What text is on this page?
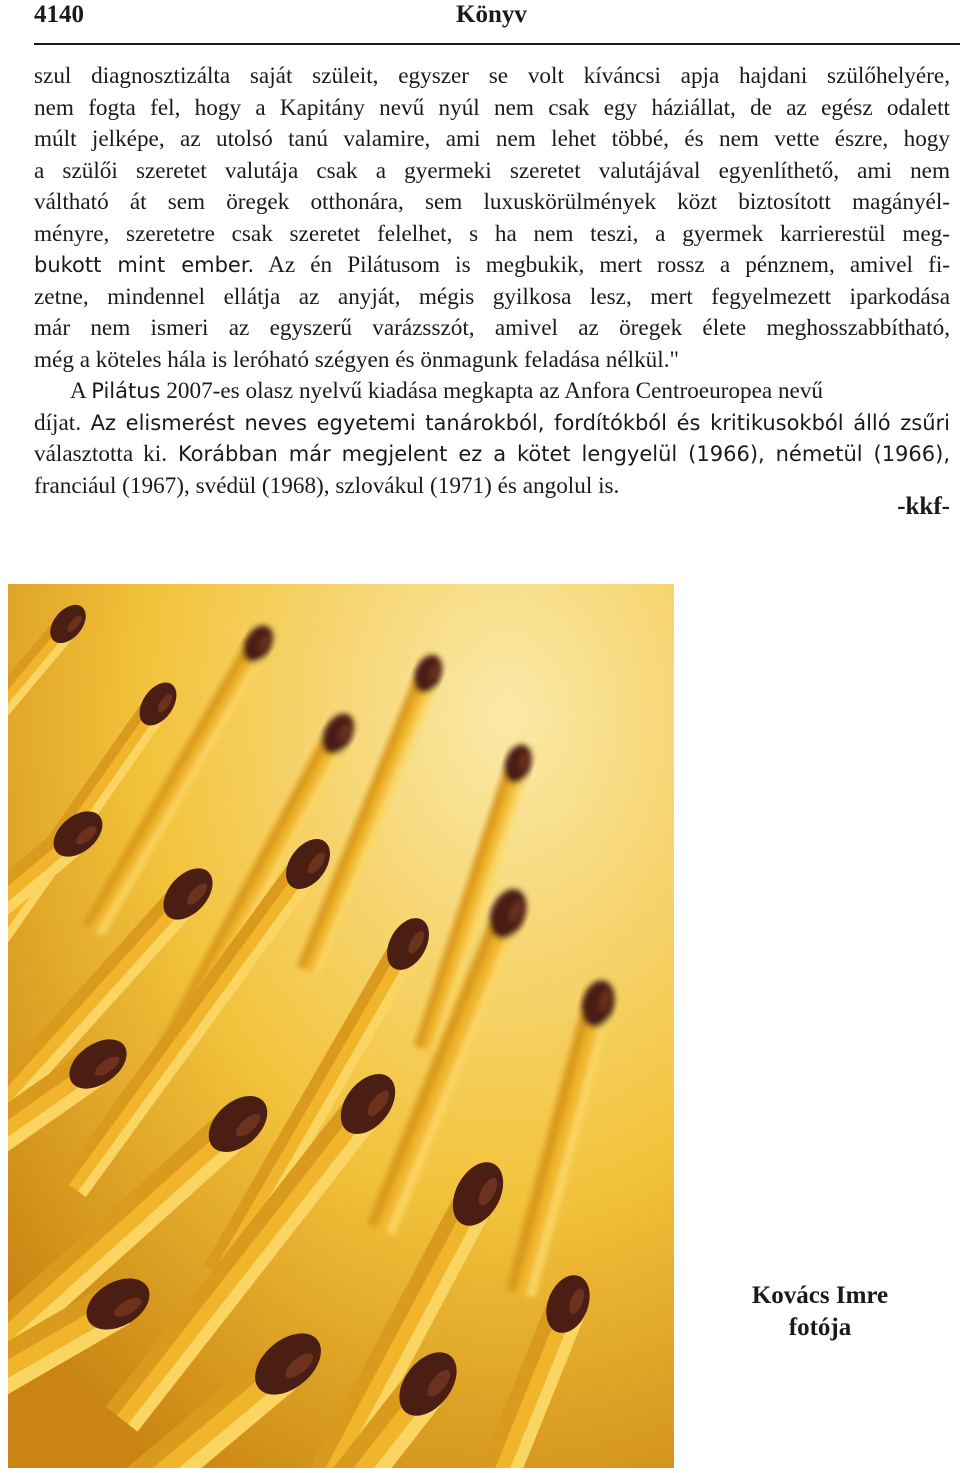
4140	Könyv
szul diagnosztizálta saját szüleit, egyszer se volt kíváncsi apja hajdani szülőhelyére,
nem fogta fel, hogy a Kapitány nevű nyúl nem csak egy háziállat, de az egész odalett
múlt jelképe, az utolsó tanú valamire, ami nem lehet többé, és nem vette észre, hogy
a szülői szeretet valutája csak a gyermeki szeretet valutájával egyenlíthető, ami nem
váltható át sem öregek otthonára, sem luxuskörülmények közt biztosított magányél-
ményre, szeretetre csak szeretet felelhet, s ha nem teszi, a gyermek karrierestül meg-
bukott mint ember. Az én Pilátusom is megbukik, mert rossz a pénznem, amivel fi-
zetne, mindennel ellátja az anyját, mégis gyilkosa lesz, mert fegyelmezett iparkodása
már nem ismeri az egyszerű varázsszót, amivel az öregek élete meghosszabbítható,
még a köteles hála is leróható szégyen és önmagunk feladása nélkül."
A Pilátus 2007-es olasz nyelvű kiadása megkapta az Anfora Centroeuropea nevű
díjat. Az elismerést neves egyetemi tanárokból, fordítókból és kritikusokból álló zsűri
választotta ki. Korábban már megjelent ez a kötet lengyelül (1966), németül (1966),
franciául (1967), svédül (1968), szlovákul (1971) és angolul is.
-kkf-
Kovács Imre
fotója
